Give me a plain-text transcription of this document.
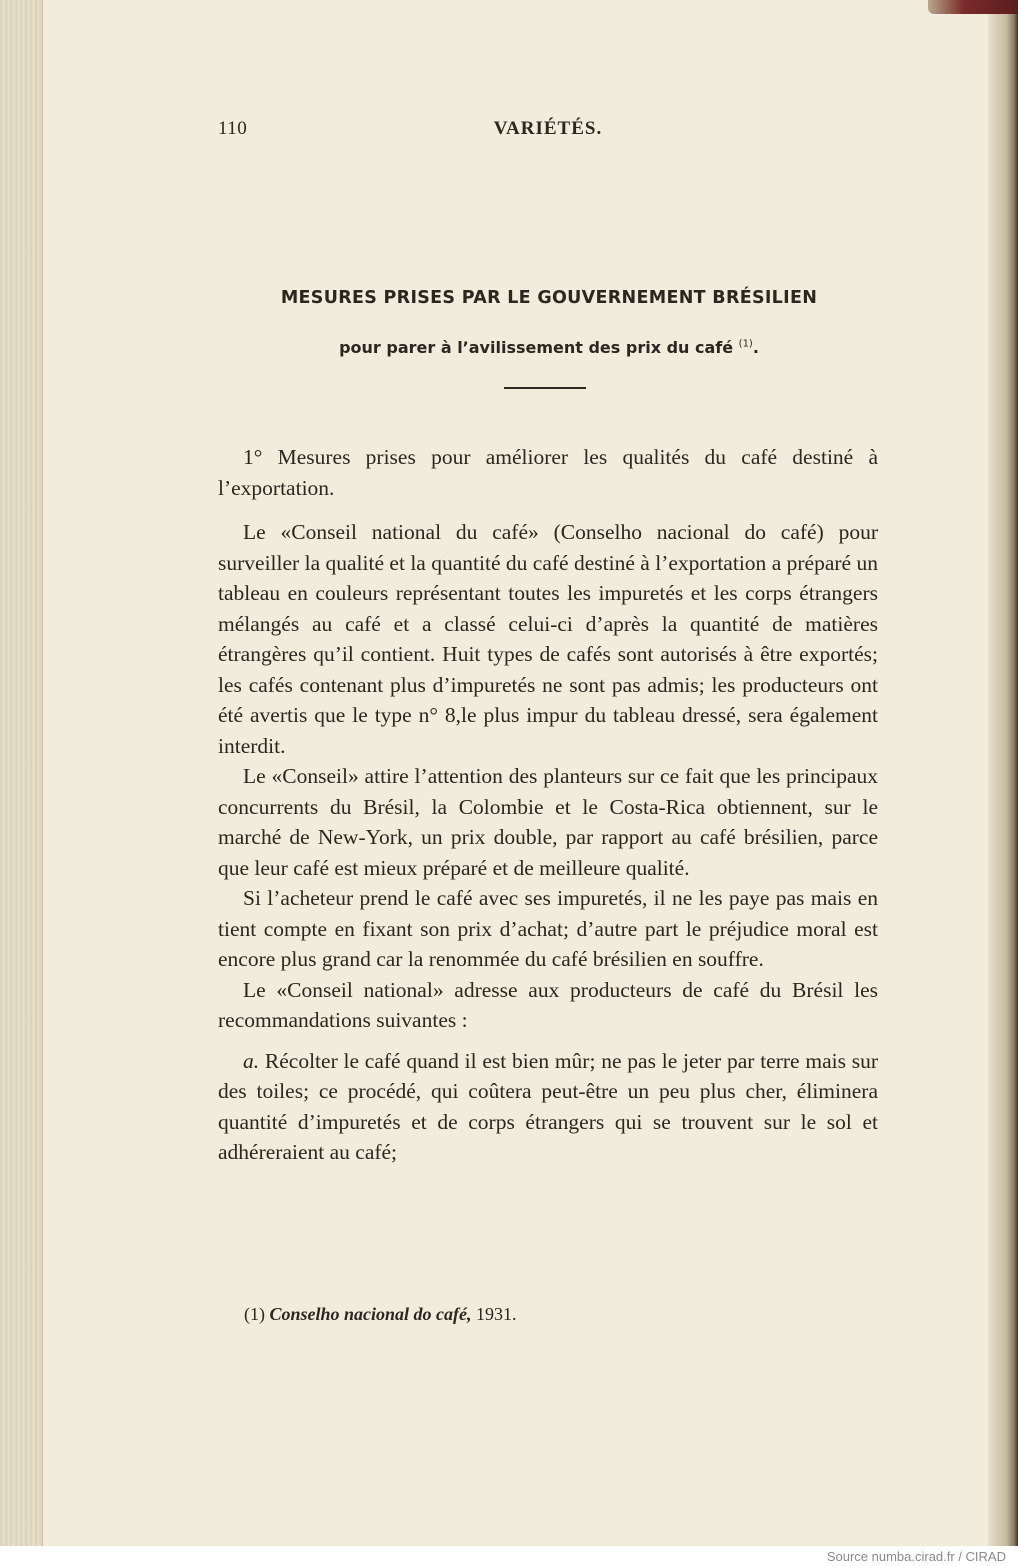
110	VARIÉTÉS.
MESURES PRISES PAR LE GOUVERNEMENT BRÉSILIEN
pour parer à l’avilissement des prix du café $^{(1)}$.

1° Mesures prises pour améliorer les qualités du café destiné à l’exportation.

Le «Conseil national du café» (Conselho nacional do café) pour surveiller la qualité et la quantité du café destiné à l’exportation a préparé un tableau en couleurs représentant toutes les impuretés et les corps étrangers mélangés au café et a classé celui-ci d’après la quantité de matières étrangères qu’il contient. Huit types de cafés sont autorisés à être exportés; les cafés contenant plus d’impuretés ne sont pas admis; les producteurs ont été avertis que le type n° 8,le plus impur du tableau dressé, sera également interdit.

Le «Conseil» attire l’attention des planteurs sur ce fait que les principaux concurrents du Brésil, la Colombie et le Costa-Rica obtiennent, sur le marché de New-York, un prix double, par rapport au café brésilien, parce que leur café est mieux préparé et de meilleure qualité.

Si l’acheteur prend le café avec ses impuretés, il ne les paye pas mais en tient compte en fixant son prix d’achat; d’autre part le préjudice moral est encore plus grand car la renommée du café brésilien en souffre.

Le «Conseil national» adresse aux producteurs de café du Brésil les recommandations suivantes :

a. Récolter le café quand il est bien mûr; ne pas le jeter par terre mais sur des toiles; ce procédé, qui coûtera peut-être un peu plus cher, éliminera quantité d’impuretés et de corps étrangers qui se trouvent sur le sol et adhéreraient au café;

(1) Conselho nacional do café, 1931.
Source numba.cirad.fr / CIRAD
